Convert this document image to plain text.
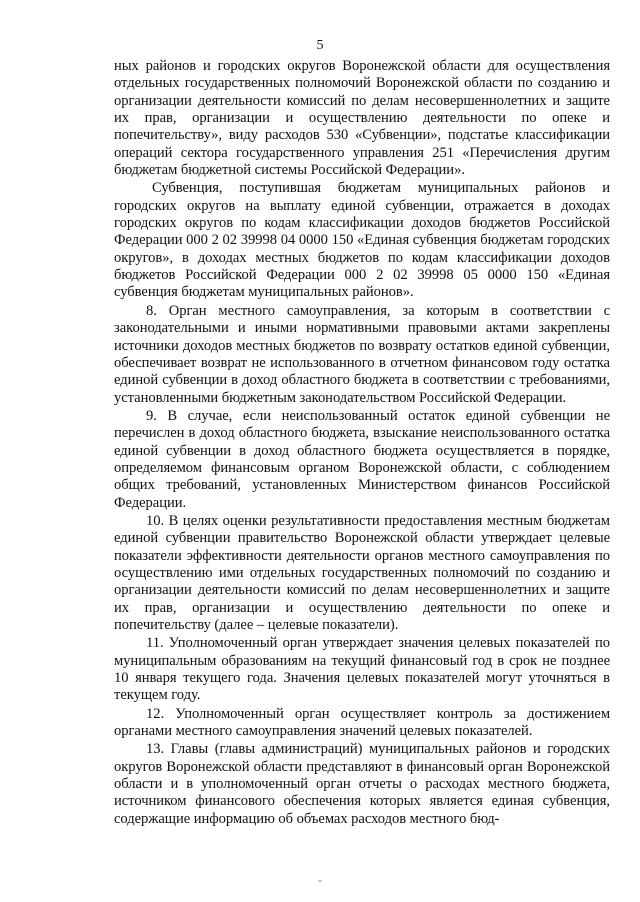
5

ных районов и городских округов Воронежской области для осуществления отдельных государственных полномочий Воронежской области по созданию и организации деятельности комиссий по делам несовершеннолетних и защите их прав, организации и осуществлению деятельности по опеке и попечительству», виду расходов 530 «Субвенции», подстатье классификации операций сектора государственного управления 251 «Перечисления другим бюджетам бюджетной системы Российской Федерации».

Субвенция, поступившая бюджетам муниципальных районов и городских округов на выплату единой субвенции, отражается в доходах городских округов по кодам классификации доходов бюджетов Российской Федерации 000 2 02 39998 04 0000 150 «Единая субвенция бюджетам городских округов», в доходах местных бюджетов по кодам классификации доходов бюджетов Российской Федерации 000 2 02 39998 05 0000 150 «Единая субвенция бюджетам муниципальных районов».

8. Орган местного самоуправления, за которым в соответствии с законодательными и иными нормативными правовыми актами закреплены источники доходов местных бюджетов по возврату остатков единой субвенции, обеспечивает возврат не использованного в отчетном финансовом году остатка единой субвенции в доход областного бюджета в соответствии с требованиями, установленными бюджетным законодательством Российской Федерации.

9. В случае, если неиспользованный остаток единой субвенции не перечислен в доход областного бюджета, взыскание неиспользованного остатка единой субвенции в доход областного бюджета осуществляется в порядке, определяемом финансовым органом Воронежской области, с соблюдением общих требований, установленных Министерством финансов Российской Федерации.

10. В целях оценки результативности предоставления местным бюджетам единой субвенции правительство Воронежской области утверждает целевые показатели эффективности деятельности органов местного самоуправления по осуществлению ими отдельных государственных полномочий по созданию и организации деятельности комиссий по делам несовершеннолетних и защите их прав, организации и осуществлению деятельности по опеке и попечительству (далее – целевые показатели).

11. Уполномоченный орган утверждает значения целевых показателей по муниципальным образованиям на текущий финансовый год в срок не позднее 10 января текущего года. Значения целевых показателей могут уточняться в текущем году.

12. Уполномоченный орган осуществляет контроль за достижением органами местного самоуправления значений целевых показателей.

13. Главы (главы администраций) муниципальных районов и городских округов Воронежской области представляют в финансовый орган Воронежской области и в уполномоченный орган отчеты о расходах местного бюджета, источником финансового обеспечения которых является единая субвенция, содержащие информацию об объемах расходов местного бюд-
